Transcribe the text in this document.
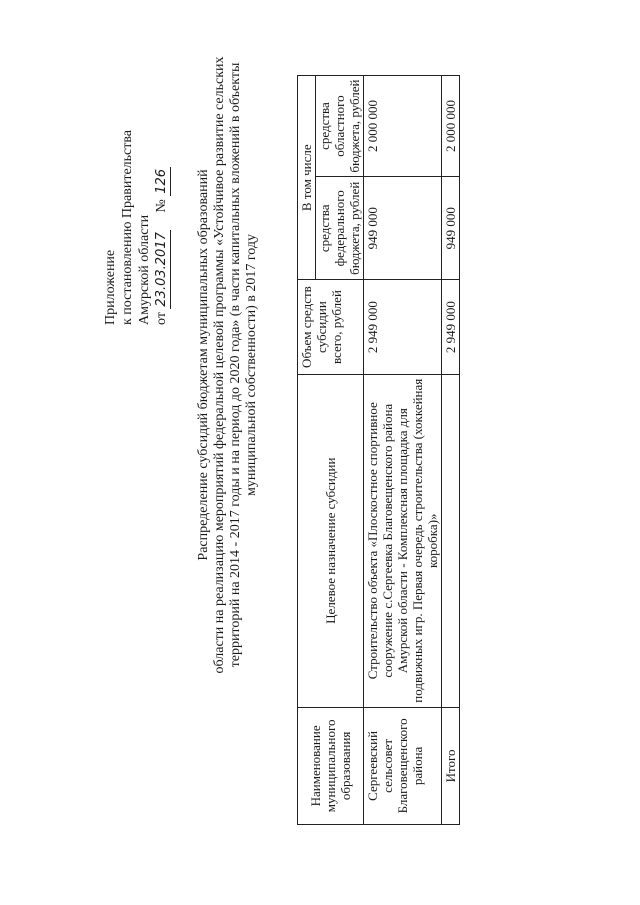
Приложение к постановлению Правительства Амурской области от 23.03.2017     № 126 Распределение субсидий бюджетам муниципальных образований области на реализацию мероприятий федеральной целевой программы «Устойчивое развитие сельских территорий на 2014 - 2017 годы и на период до 2020 года» (в части капитальных вложений в объекты муниципальной собственности) в 2017 году
Наименование муниципального образования	Целевое назначение субсидии	Объем средств субсидии всего, рублей	В том числе	
			средства федерального бюджета, рублей	средства областного бюджета, рублей
Сергеевский сельсовет Благовещенского района	Строительство объекта «Плоскостное спортивное сооружение с.Сергеевка Благовещенского района Амурской области - Комплексная площадка для подвижных игр. Первая очередь строительства (хоккейная коробка)»	2 949 000	949 000	2 000 000
Итого		2 949 000	949 000	2 000 000
